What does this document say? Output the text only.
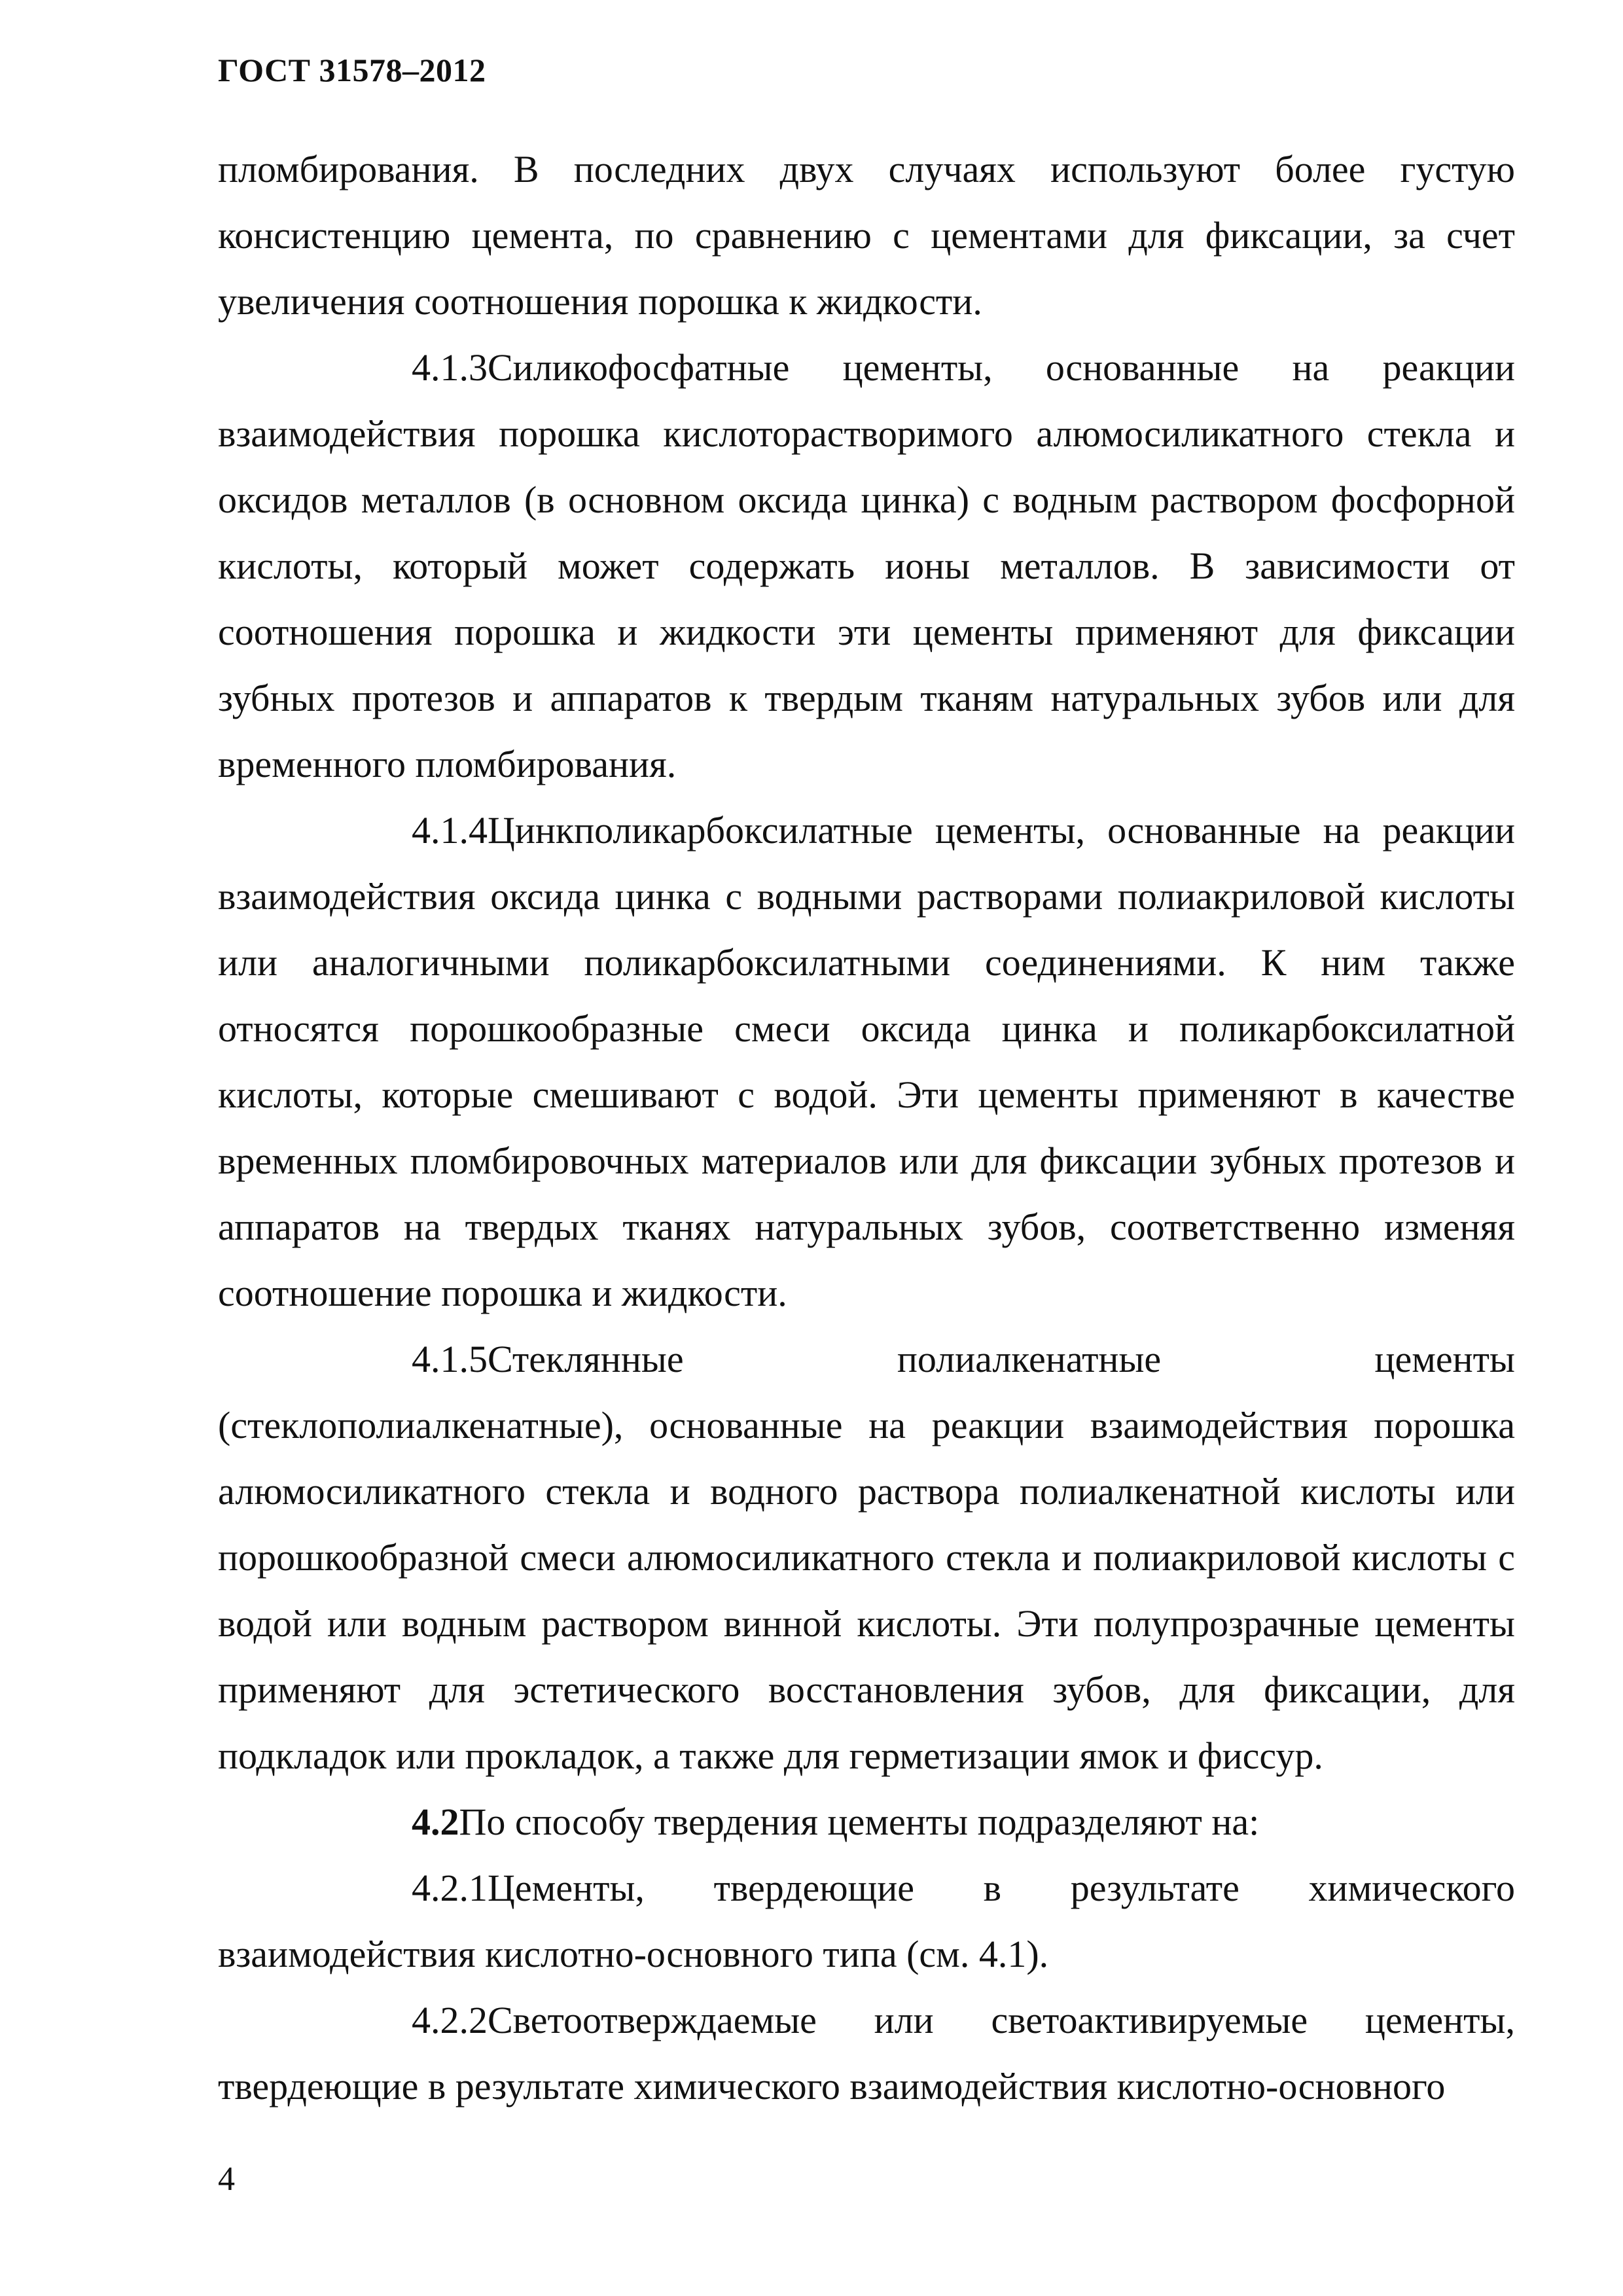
ГОСТ 31578–2012

пломбирования. В последних двух случаях используют более густую консистенцию цемента, по сравнению с цементами для фиксации, за счет увеличения соотношения порошка к жидкости.

4.1.3Силикофосфатные цементы, основанные на реакции взаимодействия порошка кислоторастворимого алюмосиликатного стекла и оксидов металлов (в основном оксида цинка) с водным раствором фосфорной кислоты, который может содержать ионы металлов. В зависимости от соотношения порошка и жидкости эти цементы применяют для фиксации зубных протезов и аппаратов к твердым тканям натуральных зубов или для временного пломбирования.

4.1.4Цинкполикарбоксилатные цементы, основанные на реакции взаимодействия оксида цинка с водными растворами полиакриловой кислоты или аналогичными поликарбоксилатными соединениями. К ним также относятся порошкообразные смеси оксида цинка и поликарбоксилатной кислоты, которые смешивают с водой. Эти цементы применяют в качестве временных пломбировочных материалов или для фиксации зубных протезов и аппаратов на твердых тканях натуральных зубов, соответственно изменяя соотношение порошка и жидкости.

4.1.5Стеклянные полиалкенатные цементы (стеклополиалкенатные), основанные на реакции взаимодействия порошка алюмосиликатного стекла и водного раствора полиалкенатной кислоты или порошкообразной смеси алюмосиликатного стекла и полиакриловой кислоты с водой или водным раствором винной кислоты. Эти полупрозрачные цементы применяют для эстетического восстановления зубов, для фиксации, для подкладок или прокладок, а также для герметизации ямок и фиссур.

4.2По способу твердения цементы подразделяют на:

4.2.1Цементы, твердеющие в результате химического взаимодействия кислотно-основного типа (см. 4.1).

4.2.2Светоотверждаемые или светоактивируемые цементы, твердеющие в результате химического взаимодействия кислотно-основного

4
